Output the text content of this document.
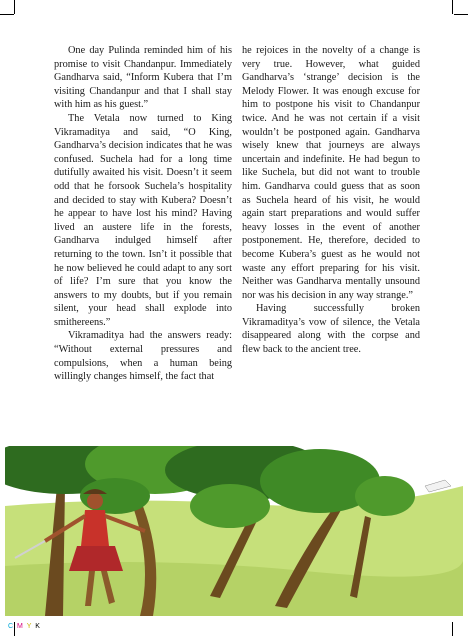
One day Pulinda reminded him of his promise to visit Chandanpur. Immediately Gandharva said, “Inform Kubera that I’m visiting Chandanpur and that I shall stay with him as his guest.”

The Vetala now turned to King Vikramaditya and said, “O King, Gandharva’s decision indicates that he was confused. Suchela had for a long time dutifully awaited his visit. Doesn’t it seem odd that he forsook Suchela’s hospitality and decided to stay with Kubera? Doesn’t he appear to have lost his mind? Having lived an austere life in the forests, Gandharva indulged himself after returning to the town. Isn’t it possible that he now believed he could adapt to any sort of life? I’m sure that you know the answers to my doubts, but if you remain silent, your head shall explode into smithereens.”

Vikramaditya had the answers ready: “Without external pressures and compulsions, when a human being willingly changes himself, the fact that

he rejoices in the novelty of a change is very true. However, what guided Gandharva’s ‘strange’ decision is the Melody Flower. It was enough excuse for him to postpone his visit to Chandanpur twice. And he was not certain if a visit wouldn’t be postponed again. Gandharva wisely knew that journeys are always uncertain and indefinite. He had begun to like Suchela, but did not want to trouble him. Gandharva could guess that as soon as Suchela heard of his visit, he would again start preparations and would suffer heavy losses in the event of another postponement. He, therefore, decided to become Kubera’s guest as he would not waste any effort preparing for his visit. Neither was Gandharva mentally unsound nor was his decision in any way strange.”

Having successfully broken Vikramaditya’s vow of silence, the Vetala disappeared along with the corpse and flew back to the ancient tree.

C M Y K
